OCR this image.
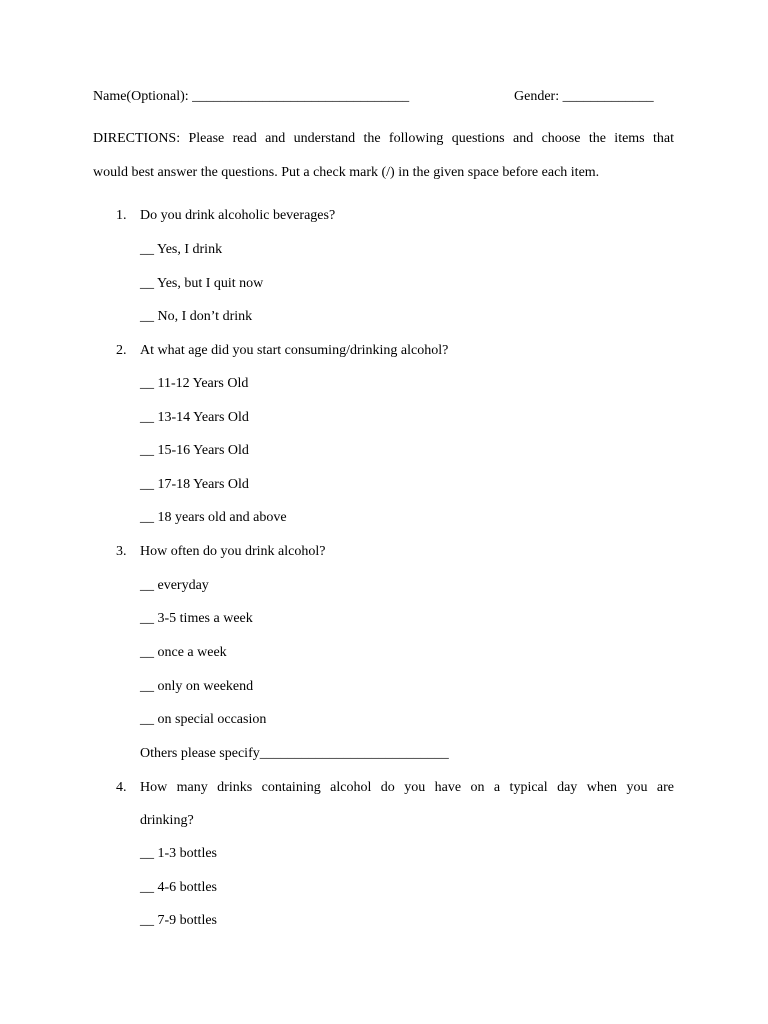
Name(Optional): _______________________________	Gender: _____________
DIRECTIONS: Please read and understand the following questions and choose the items that
would best answer the questions. Put a check mark (/) in the given space before each item.
1. Do you drink alcoholic beverages?
__ Yes, I drink
__ Yes, but I quit now
__ No, I don’t drink
2. At what age did you start consuming/drinking alcohol?
__ 11-12 Years Old
__ 13-14 Years Old
__ 15-16 Years Old
__ 17-18 Years Old
__ 18 years old and above
3. How often do you drink alcohol?
__ everyday
__ 3-5 times a week
__ once a week
__ only on weekend
__ on special occasion
Others please specify___________________________
4. How many drinks containing alcohol do you have on a typical day when you are
drinking?
__ 1-3 bottles
__ 4-6 bottles
__ 7-9 bottles
